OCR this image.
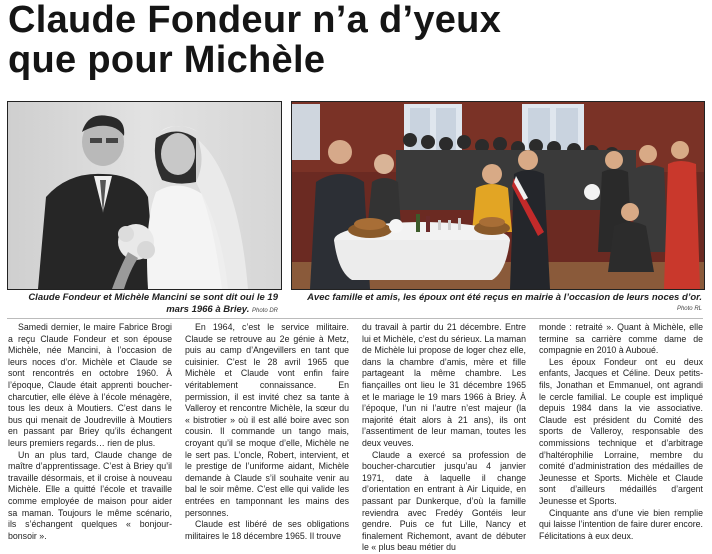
Claude Fondeur n’a d’yeux
que pour Michèle
Claude Fondeur et Michèle Mancini se sont dit oui le 19 mars 1966 à Briey. Photo DR
Avec famille et amis, les époux ont été reçus en mairie à l’occasion de leurs noces d’or.
Photo RL

Samedi dernier, le maire Fabrice Brogi a reçu Claude Fondeur et son épouse Michèle, née Mancini, à l’occasion de leurs noces d’or. Michèle et Claude se sont rencontrés en octobre 1960. À l’époque, Claude était apprenti boucher-charcutier, elle élève à l’école ménagère, tous les deux à Moutiers. C’est dans le bus qui menait de Joudreville à Moutiers en passant par Briey qu’ils échangent leurs premiers regards… rien de plus.

Un an plus tard, Claude change de maître d’apprentissage. C’est à Briey qu’il travaille désormais, et il croise à nouveau Michèle. Elle a quitté l’école et travaille comme employée de maison pour aider sa maman. Toujours le même scénario, ils s’échangent quelques « bonjour-bonsoir ».

En 1964, c’est le service militaire. Claude se retrouve au 2e génie à Metz, puis au camp d’Angevillers en tant que cuisinier. C’est le 28 avril 1965 que Michèle et Claude vont enfin faire véritablement connaissance. En permission, il est invité chez sa tante à Valleroy et rencontre Michèle, la sœur du « bistrotier » où il est allé boire avec son cousin. Il commande un tango mais, croyant qu’il se moque d’elle, Michèle ne le sert pas. L’oncle, Robert, intervient, et le prestige de l’uniforme aidant, Michèle demande à Claude s’il souhaite venir au bal le soir même. C’est elle qui valide les entrées en tamponnant les mains des personnes.

Claude est libéré de ses obligations militaires le 18 décembre 1965. Il trouve

du travail à partir du 21 décembre. Entre lui et Michèle, c’est du sérieux. La maman de Michèle lui propose de loger chez elle, dans la chambre d’amis, mère et fille partageant la même chambre. Les fiançailles ont lieu le 31 décembre 1965 et le mariage le 19 mars 1966 à Briey. À l’époque, l’un ni l’autre n’est majeur (la majorité était alors à 21 ans), ils ont l’assentiment de leur maman, toutes les deux veuves.

Claude a exercé sa profession de boucher-charcutier jusqu’au 4 janvier 1971, date à laquelle il change d’orientation en entrant à Air Liquide, en passant par Dunkerque, d’où la famille reviendra avec Fredéy Gontéis leur gendre. Puis ce fut Lille, Nancy et finalement Richemont, avant de débuter le « plus beau métier du

monde : retraité ». Quant à Michèle, elle termine sa carrière comme dame de compagnie en 2010 à Auboué.

Les époux Fondeur ont eu deux enfants, Jacques et Céline. Deux petits-fils, Jonathan et Emmanuel, ont agrandi le cercle familial. Le couple est impliqué depuis 1984 dans la vie associative. Claude est président du Comité des sports de Valleroy, responsable des commissions technique et d’arbitrage d’haltérophilie Lorraine, membre du comité d’administration des médailles de Jeunesse et Sports. Michèle et Claude sont d’ailleurs médaillés d’argent Jeunesse et Sports.

Cinquante ans d’une vie bien remplie qui laisse l’intention de faire durer encore. Félicitations à eux deux.
